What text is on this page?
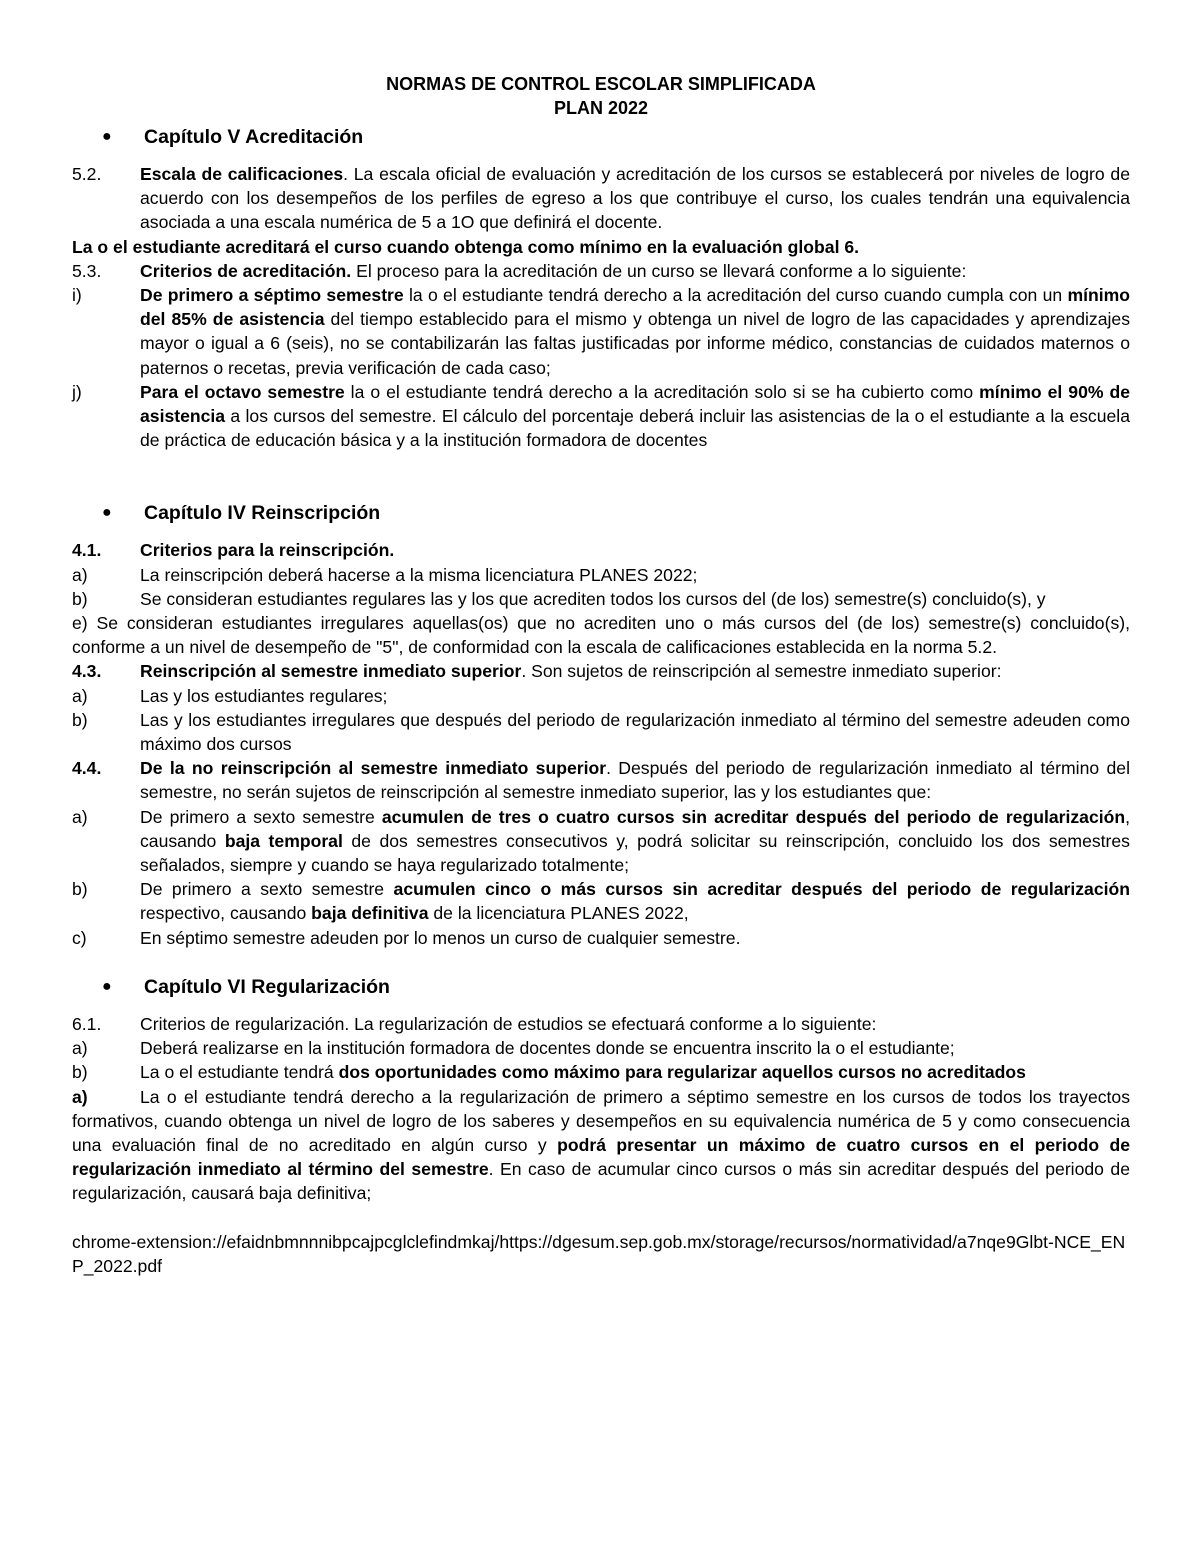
NORMAS DE CONTROL ESCOLAR SIMPLIFICADA
PLAN 2022
●	Capítulo V Acreditación
5.2.	Escala de calificaciones. La escala oficial de evaluación y acreditación de los cursos se establecerá por niveles de logro de acuerdo con los desempeños de los perfiles de egreso a los que contribuye el curso, los cuales tendrán una equivalencia asociada a una escala numérica de 5 a 1O que definirá el docente.
La o el estudiante acreditará el curso cuando obtenga como mínimo en la evaluación global 6.
5.3.	Criterios de acreditación. El proceso para la acreditación de un curso se llevará conforme a lo siguiente:
i)	De primero a séptimo semestre la o el estudiante tendrá derecho a la acreditación del curso cuando cumpla con un mínimo del 85% de asistencia del tiempo establecido para el mismo y obtenga un nivel de logro de las capacidades y aprendizajes mayor o igual a 6 (seis), no se contabilizarán las faltas justificadas por informe médico, constancias de cuidados maternos o paternos o recetas, previa verificación de cada caso;
j)	Para el octavo semestre la o el estudiante tendrá derecho a la acreditación solo si se ha cubierto como mínimo el 90% de asistencia a los cursos del semestre. El cálculo del porcentaje deberá incluir las asistencias de la o el estudiante a la escuela de práctica de educación básica y a la institución formadora de docentes
●	Capítulo IV Reinscripción
4.1.	Criterios para la reinscripción.
a)	La reinscripción deberá hacerse a la misma licenciatura PLANES 2022;
b)	Se consideran estudiantes regulares las y los que acrediten todos los cursos del (de los) semestre(s) concluido(s), y
e) Se consideran estudiantes irregulares aquellas(os) que no acrediten uno o más cursos del (de los) semestre(s) concluido(s), conforme a un nivel de desempeño de "5", de conformidad con la escala de calificaciones establecida en la norma 5.2.
4.3.	Reinscripción al semestre inmediato superior. Son sujetos de reinscripción al semestre inmediato superior:
a)	Las y los estudiantes regulares;
b)	Las y los estudiantes irregulares que después del periodo de regularización inmediato al término del semestre adeuden como máximo dos cursos
4.4.	De la no reinscripción al semestre inmediato superior. Después del periodo de regularización inmediato al término del semestre, no serán sujetos de reinscripción al semestre inmediato superior, las y los estudiantes que:
a)	De primero a sexto semestre acumulen de tres o cuatro cursos sin acreditar después del periodo de regularización, causando baja temporal de dos semestres consecutivos y, podrá solicitar su reinscripción, concluido los dos semestres señalados, siempre y cuando se haya regularizado totalmente;
b)	De primero a sexto semestre acumulen cinco o más cursos sin acreditar después del periodo de regularización respectivo, causando baja definitiva de la licenciatura PLANES 2022,
c)	En séptimo semestre adeuden por lo menos un curso de cualquier semestre.
●	Capítulo VI Regularización
6.1.	Criterios de regularización. La regularización de estudios se efectuará conforme a lo siguiente:
a)	Deberá realizarse en la institución formadora de docentes donde se encuentra inscrito la o el estudiante;
b)	La o el estudiante tendrá dos oportunidades como máximo para regularizar aquellos cursos no acreditados
a)	La o el estudiante tendrá derecho a la regularización de primero a séptimo semestre en los cursos de todos los trayectos formativos, cuando obtenga un nivel de logro de los saberes y desempeños en su equivalencia numérica de 5 y como consecuencia una evaluación final de no acreditado en algún curso y podrá presentar un máximo de cuatro cursos en el periodo de regularización inmediato al término del semestre. En caso de acumular cinco cursos o más sin acreditar después del periodo de regularización, causará baja definitiva;
chrome-extension://efaidnbmnnnibpcajpcglclefindmkaj/https://dgesum.sep.gob.mx/storage/recursos/normatividad/a7nqe9Glbt-NCE_ENP_2022.pdf
